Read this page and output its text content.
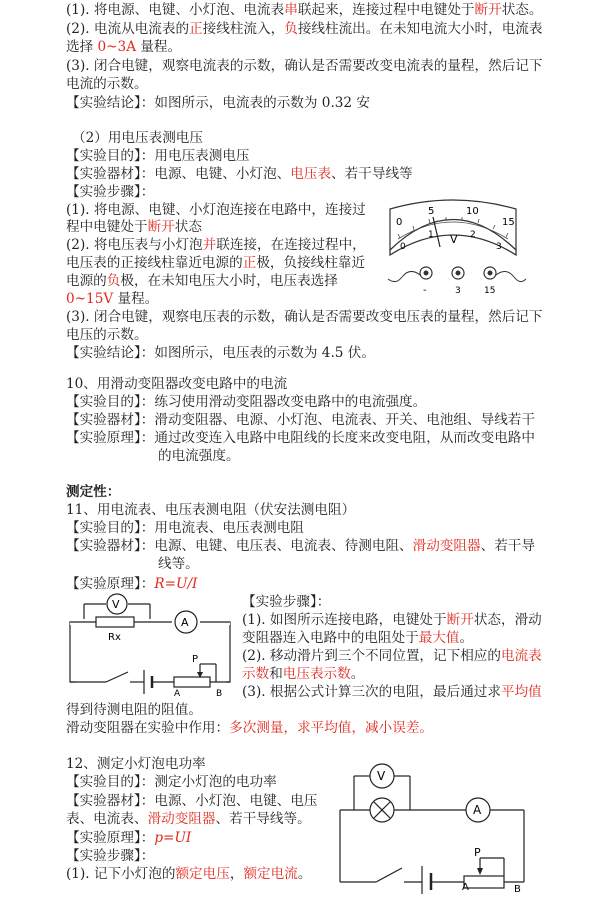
(1). 将电源、电键、小灯泡、电流表串联起来，连接过程中电键处于断开状态。
(2). 电流从电流表的正接线柱流入，负接线柱流出。在未知电流大小时，电流表
选择 0~3A 量程。
(3). 闭合电键，观察电流表的示数，确认是否需要改变电流表的量程，然后记下
电流的示数。
【实验结论】：如图所示，电流表的示数为 0.32 安
（2）用电压表测电压
【实验目的】：用电压表测电压
【实验器材】：电源、电键、小灯泡、电压表、若干导线等
【实验步骤】：
(1). 将电源、电键、小灯泡连接在电路中，连接过
程中电键处于断开状态
(2). 将电压表与小灯泡并联连接，在连接过程中，
电压表的正接线柱靠近电源的正极，负接线柱靠近
电源的负极，在未知电压大小时，电压表选择
0~15V 量程。
(3). 闭合电键，观察电压表的示数，确认是否需要改变电压表的量程，然后记下
电压的示数。
【实验结论】：如图所示，电压表的示数为 4.5 伏。
0
5	10
15
0
1	2
3
V
-	3	15
10、用滑动变阻器改变电路中的电流
【实验目的】：练习使用滑动变阻器改变电路中的电流强度。
【实验器材】：滑动变阻器、电源、小灯泡、电流表、开关、电池组、导线若干
【实验原理】：通过改变连入电路中电阻线的长度来改变电阻，从而改变电路中
的电流强度。
测定性：
11、用电流表、电压表测电阻（伏安法测电阻）
【实验目的】：用电流表、电压表测电阻
【实验器材】：电源、电键、电压表、电流表、待测电阻、滑动变阻器、若干导
线等。
【实验原理】：R=U/I
【实验步骤】：
(1). 如图所示连接电路，电键处于断开状态，滑动
变阻器连入电路中的电阻处于最大值。
(2). 移动滑片到三个不同位置，记下相应的电流表
示数和电压表示数。
(3). 根据公式计算三次的电阻，最后通过求平均值
得到待测电阻的阻值。
滑动变阻器在实验中作用：多次测量，求平均值，减小误差。
V
A
Rx
P
A	B
12、测定小灯泡电功率
【实验目的】：测定小灯泡的电功率
【实验器材】：电源、小灯泡、电键、电压
表、电流表、滑动变阻器、若干导线等。
【实验原理】：p=UI
【实验步骤】：
(1). 记下小灯泡的额定电压，额定电流。
V
A
P
A	B
